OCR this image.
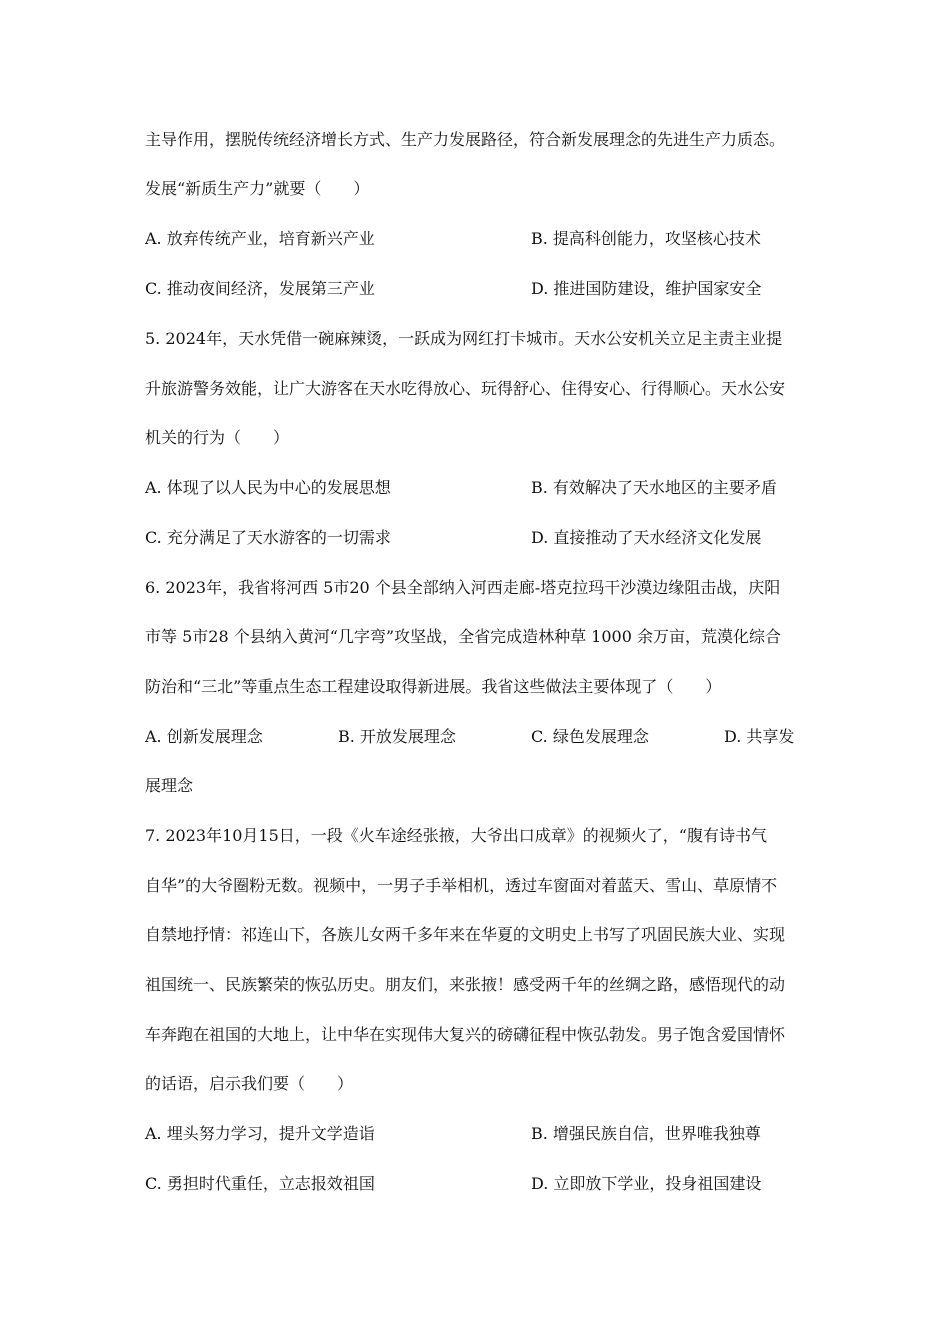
主导作用，摆脱传统经济增长方式、生产力发展路径，符合新发展理念的先进生产力质态。
发展“新质生产力”就要（　　）
A. 放弃传统产业，培育新兴产业	B. 提高科创能力，攻坚核心技术
C. 推动夜间经济，发展第三产业	D. 推进国防建设，维护国家安全
5. 2024年，天水凭借一碗麻辣烫，一跃成为网红打卡城市。天水公安机关立足主责主业提
升旅游警务效能，让广大游客在天水吃得放心、玩得舒心、住得安心、行得顺心。天水公安
机关的行为（　　）
A. 体现了以人民为中心的发展思想	B. 有效解决了天水地区的主要矛盾
C. 充分满足了天水游客的一切需求	D. 直接推动了天水经济文化发展
6. 2023年，我省将河西 5市20 个县全部纳入河西走廊-塔克拉玛干沙漠边缘阻击战，庆阳
市等 5市28 个县纳入黄河“几字弯”攻坚战，全省完成造林种草 1000 余万亩，荒漠化综合
防治和“三北”等重点生态工程建设取得新进展。我省这些做法主要体现了（　　）
A. 创新发展理念	B. 开放发展理念	C. 绿色发展理念	D. 共享发
展理念
7. 2023年10月15日，一段《火车途经张掖，大爷出口成章》的视频火了，“腹有诗书气
自华”的大爷圈粉无数。视频中，一男子手举相机，透过车窗面对着蓝天、雪山、草原情不
自禁地抒情：祁连山下，各族儿女两千多年来在华夏的文明史上书写了巩固民族大业、实现
祖国统一、民族繁荣的恢弘历史。朋友们，来张掖！感受两千年的丝绸之路，感悟现代的动
车奔跑在祖国的大地上，让中华在实现伟大复兴的磅礴征程中恢弘勃发。男子饱含爱国情怀
的话语，启示我们要（　　）
A. 埋头努力学习，提升文学造诣	B. 增强民族自信，世界唯我独尊
C. 勇担时代重任，立志报效祖国	D. 立即放下学业，投身祖国建设
